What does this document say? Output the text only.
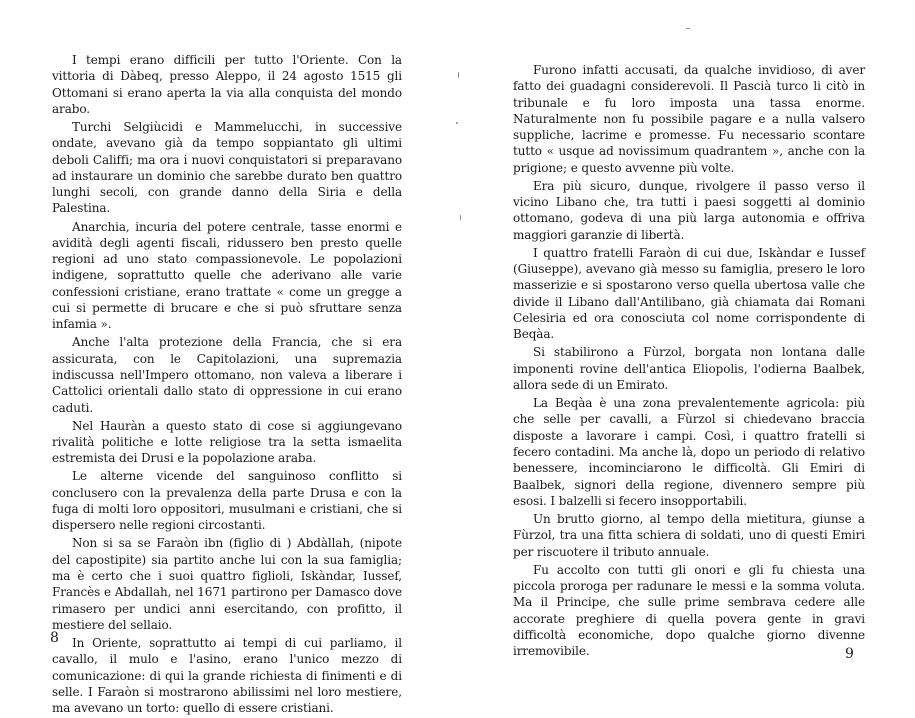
I tempi erano difficili per tutto l'Oriente. Con la vittoria di Dàbeq, presso Aleppo, il 24 agosto 1515 gli Ottomani si erano aperta la via alla conquista del mondo arabo.

Turchi Selgiùcidi e Mammelucchi, in successive ondate, avevano già da tempo soppiantato gli ultimi deboli Califfi; ma ora i nuovi conquistatori si preparavano ad instaurare un dominio che sarebbe durato ben quattro lunghi secoli, con grande danno della Siria e della Palestina.

Anarchia, incuria del potere centrale, tasse enormi e avidità degli agenti fiscali, ridussero ben presto quelle regioni ad uno stato compassionevole. Le popolazioni indigene, soprattutto quelle che aderivano alle varie confessioni cristiane, erano trattate « come un gregge a cui si permette di brucare e che si può sfruttare senza infamia ».

Anche l'alta protezione della Francia, che si era assicurata, con le Capitolazioni, una supremazia indiscussa nell'Impero ottomano, non valeva a liberare i Cattolici orientali dallo stato di oppressione in cui erano caduti.

Nel Hauràn a questo stato di cose si aggiungevano rivalità politiche e lotte religiose tra la setta ismaelita estremista dei Drusi e la popolazione araba.

Le alterne vicende del sanguinoso conflitto si conclusero con la prevalenza della parte Drusa e con la fuga di molti loro oppositori, musulmani e cristiani, che si dispersero nelle regioni circostanti.

Non si sa se Faraòn ibn (figlio di ) Abdàllah, (nipote del capostipite) sia partito anche lui con la sua famiglia; ma è certo che i suoi quattro figlioli, Iskàndar, Iussef, Francès e Abdallah, nel 1671 partirono per Damasco dove rimasero per undici anni esercitando, con profitto, il mestiere del sellaio.

In Oriente, soprattutto ai tempi di cui parliamo, il cavallo, il mulo e l'asino, erano l'unico mezzo di comunicazione: di qui la grande richiesta di finimenti e di selle. I Faraòn si mostrarono abilissimi nel loro mestiere, ma avevano un torto: quello di essere cristiani.

8

Furono infatti accusati, da qualche invidioso, di aver fatto dei guadagni considerevoli. Il Pascià turco li citò in tribunale e fu loro imposta una tassa enorme. Naturalmente non fu possibile pagare e a nulla valsero suppliche, lacrime e promesse. Fu necessario scontare tutto « usque ad novissimum quadrantem », anche con la prigione; e questo avvenne più volte.

Era più sicuro, dunque, rivolgere il passo verso il vicino Libano che, tra tutti i paesi soggetti al dominio ottomano, godeva di una più larga autonomia e offriva maggiori garanzie di libertà.

I quattro fratelli Faraòn di cui due, Iskàndar e Iussef (Giuseppe), avevano già messo su famiglia, presero le loro masserizie e si spostarono verso quella ubertosa valle che divide il Libano dall'Antilibano, già chiamata dai Romani Celesiria ed ora conosciuta col nome corrispondente di Beqàa.

Si stabilirono a Fùrzol, borgata non lontana dalle imponenti rovine dell'antica Eliopolis, l'odierna Baalbek, allora sede di un Emirato.

La Beqàa è una zona prevalentemente agricola: più che selle per cavalli, a Fùrzol si chiedevano braccia disposte a lavorare i campi. Così, i quattro fratelli si fecero contadini. Ma anche là, dopo un periodo di relativo benessere, incominciarono le difficoltà. Gli Emiri di Baalbek, signori della regione, divennero sempre più esosi. I balzelli si fecero insopportabili.

Un brutto giorno, al tempo della mietitura, giunse a Fùrzol, tra una fitta schiera di soldati, uno di questi Emiri per riscuotere il tributo annuale.

Fu accolto con tutti gli onori e gli fu chiesta una piccola proroga per radunare le messi e la somma voluta. Ma il Principe, che sulle prime sembrava cedere alle accorate preghiere di quella povera gente in gravi difficoltà economiche, dopo qualche giorno divenne irremovibile.	9
